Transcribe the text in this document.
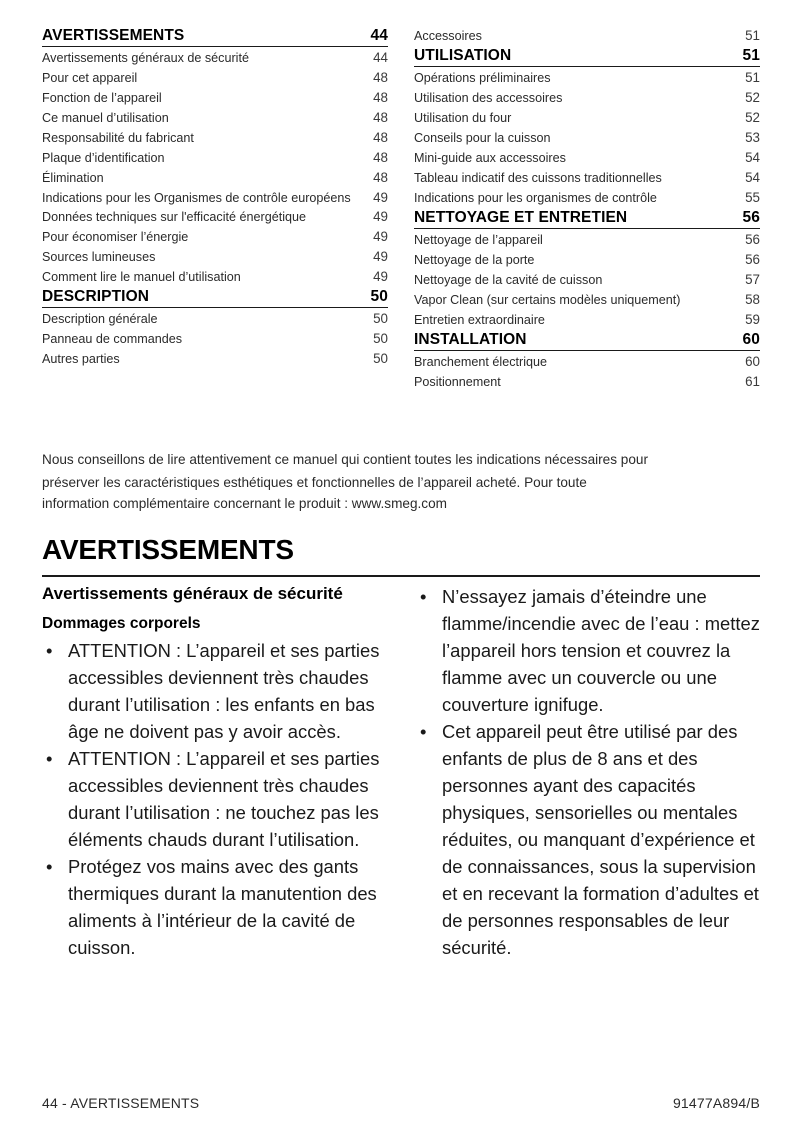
AVERTISSEMENTS	44
Avertissements généraux de sécurité	44
Pour cet appareil	48
Fonction de l’appareil	48
Ce manuel d’utilisation	48
Responsabilité du fabricant	48
Plaque d’identification	48
Élimination	48
Indications pour les Organismes de contrôle européens	49
Données techniques sur l'efficacité énergétique	49
Pour économiser l’énergie	49
Sources lumineuses	49
Comment lire le manuel d’utilisation	49
DESCRIPTION	50
Description générale	50
Panneau de commandes	50
Autres parties	50
Accessoires	51
UTILISATION	51
Opérations préliminaires	51
Utilisation des accessoires	52
Utilisation du four	52
Conseils pour la cuisson	53
Mini-guide aux accessoires	54
Tableau indicatif des cuissons traditionnelles	54
Indications pour les organismes de contrôle	55
NETTOYAGE ET ENTRETIEN	56
Nettoyage de l’appareil	56
Nettoyage de la porte	56
Nettoyage de la cavité de cuisson	57
Vapor Clean (sur certains modèles uniquement)	58
Entretien extraordinaire	59
INSTALLATION	60
Branchement électrique	60
Positionnement	61
Nous conseillons de lire attentivement ce manuel qui contient toutes les indications nécessaires pour
préserver les caractéristiques esthétiques et fonctionnelles de l’appareil acheté. Pour toute
information complémentaire concernant le produit : www.smeg.com
AVERTISSEMENTS
Avertissements généraux de sécurité
Dommages corporels
• ATTENTION : L’appareil et ses parties accessibles deviennent très chaudes durant l’utilisation : les enfants en bas âge ne doivent pas y avoir accès.
• ATTENTION : L’appareil et ses parties accessibles deviennent très chaudes durant l’utilisation : ne touchez pas les éléments chauds durant l’utilisation.
• Protégez vos mains avec des gants thermiques durant la manutention des aliments à l’intérieur de la cavité de cuisson.
• N’essayez jamais d’éteindre une flamme/incendie avec de l’eau : mettez l’appareil hors tension et couvrez la flamme avec un couvercle ou une couverture ignifuge.
• Cet appareil peut être utilisé par des enfants de plus de 8 ans et des personnes ayant des capacités physiques, sensorielles ou mentales réduites, ou manquant d’expérience et de connaissances, sous la supervision et en recevant la formation d’adultes et de personnes responsables de leur sécurité.
44 - AVERTISSEMENTS	91477A894/B
